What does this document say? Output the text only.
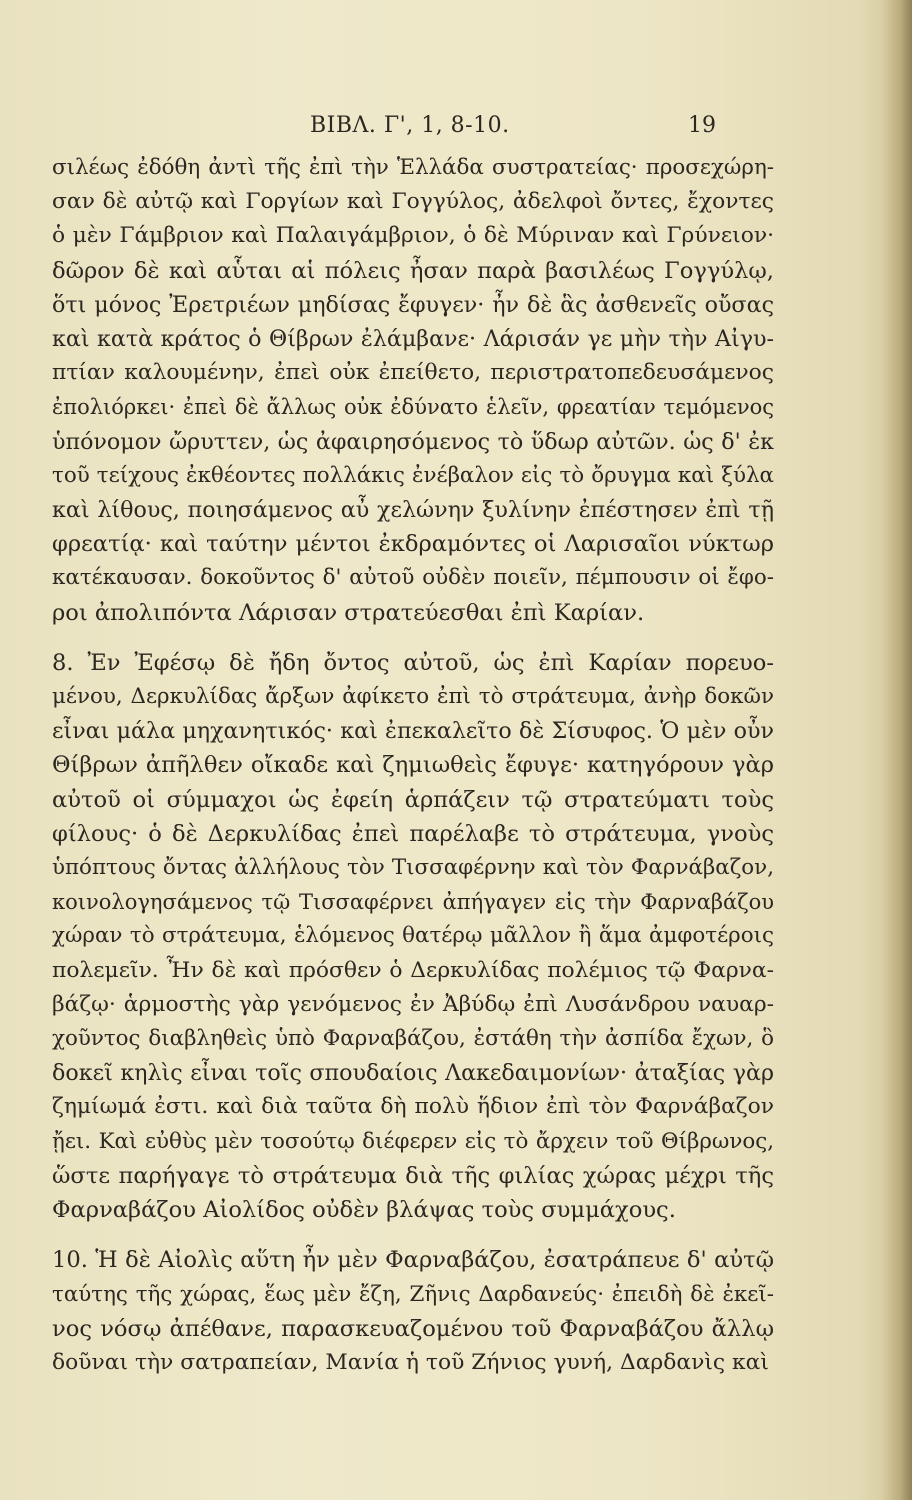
ΒΙΒΛ. Γ', 1, 8-10.	19
σιλέως ἐδόθη ἀντὶ τῆς ἐπὶ τὴν Ἑλλάδα συστρατείας· προσεχώρη-
σαν δὲ αὐτῷ καὶ Γοργίων καὶ Γογγύλος, ἀδελφοὶ ὄντες, ἔχοντες
ὁ μὲν Γάμβριον καὶ Παλαιγάμβριον, ὁ δὲ Μύριναν καὶ Γρύνειον·
δῶρον δὲ καὶ αὗται αἱ πόλεις ἦσαν παρὰ βασιλέως Γογγύλῳ,
ὅτι μόνος Ἐρετριέων μηδίσας ἔφυγεν· ἦν δὲ ἃς ἀσθενεῖς οὔσας
καὶ κατὰ κράτος ὁ Θίβρων ἐλάμβανε· Λάρισάν γε μὴν τὴν Αἰγυ-
πτίαν καλουμένην, ἐπεὶ οὐκ ἐπείθετο, περιστρατοπεδευσάμενος
ἐπολιόρκει· ἐπεὶ δὲ ἄλλως οὐκ ἐδύνατο ἑλεῖν, φρεατίαν τεμόμενος
ὑπόνομον ὤρυττεν, ὡς ἀφαιρησόμενος τὸ ὕδωρ αὐτῶν. ὡς δ' ἐκ
τοῦ τείχους ἐκθέοντες πολλάκις ἐνέβαλον εἰς τὸ ὄρυγμα καὶ ξύλα
καὶ λίθους, ποιησάμενος αὖ χελώνην ξυλίνην ἐπέστησεν ἐπὶ τῇ
φρεατίᾳ· καὶ ταύτην μέντοι ἐκδραμόντες οἱ Λαρισαῖοι νύκτωρ
κατέκαυσαν. δοκοῦντος δ' αὐτοῦ οὐδὲν ποιεῖν, πέμπουσιν οἱ ἔφο-
ροι ἀπολιπόντα Λάρισαν στρατεύεσθαι ἐπὶ Καρίαν.
8. Ἐν Ἐφέσῳ δὲ ἤδη ὄντος αὐτοῦ, ὡς ἐπὶ Καρίαν πορευο-
μένου, Δερκυλίδας ἄρξων ἀφίκετο ἐπὶ τὸ στράτευμα, ἀνὴρ δοκῶν
εἶναι μάλα μηχανητικός· καὶ ἐπεκαλεῖτο δὲ Σίσυφος. Ὁ μὲν οὖν
Θίβρων ἀπῆλθεν οἴκαδε καὶ ζημιωθεὶς ἔφυγε· κατηγόρουν γὰρ
αὐτοῦ οἱ σύμμαχοι ὡς ἐφείη ἁρπάζειν τῷ στρατεύματι τοὺς
φίλους· ὁ δὲ Δερκυλίδας ἐπεὶ παρέλαβε τὸ στράτευμα, γνοὺς
ὑπόπτους ὄντας ἀλλήλους τὸν Τισσαφέρνην καὶ τὸν Φαρνάβαζον,
κοινολογησάμενος τῷ Τισσαφέρνει ἀπήγαγεν εἰς τὴν Φαρναβάζου
χώραν τὸ στράτευμα, ἑλόμενος θατέρῳ μᾶλλον ἢ ἅμα ἀμφοτέροις
πολεμεῖν. Ἦν δὲ καὶ πρόσθεν ὁ Δερκυλίδας πολέμιος τῷ Φαρνα-
βάζῳ· ἁρμοστὴς γὰρ γενόμενος ἐν Ἀβύδῳ ἐπὶ Λυσάνδρου ναυαρ-
χοῦντος διαβληθεὶς ὑπὸ Φαρναβάζου, ἐστάθη τὴν ἀσπίδα ἔχων, ὃ
δοκεῖ κηλὶς εἶναι τοῖς σπουδαίοις Λακεδαιμονίων· ἀταξίας γὰρ
ζημίωμά ἐστι. καὶ διὰ ταῦτα δὴ πολὺ ἥδιον ἐπὶ τὸν Φαρνάβαζον
ᾔει. Καὶ εὐθὺς μὲν τοσούτῳ διέφερεν εἰς τὸ ἄρχειν τοῦ Θίβρωνος,
ὥστε παρήγαγε τὸ στράτευμα διὰ τῆς φιλίας χώρας μέχρι τῆς
Φαρναβάζου Αἰολίδος οὐδὲν βλάψας τοὺς συμμάχους.
10. Ἡ δὲ Αἰολὶς αὕτη ἦν μὲν Φαρναβάζου, ἐσατράπευε δ' αὐτῷ
ταύτης τῆς χώρας, ἕως μὲν ἔζη, Ζῆνις Δαρδανεύς· ἐπειδὴ δὲ ἐκεῖ-
νος νόσῳ ἀπέθανε, παρασκευαζομένου τοῦ Φαρναβάζου ἄλλῳ
δοῦναι τὴν σατραπείαν, Μανία ἡ τοῦ Ζήνιος γυνή, Δαρδανὶς καὶ
